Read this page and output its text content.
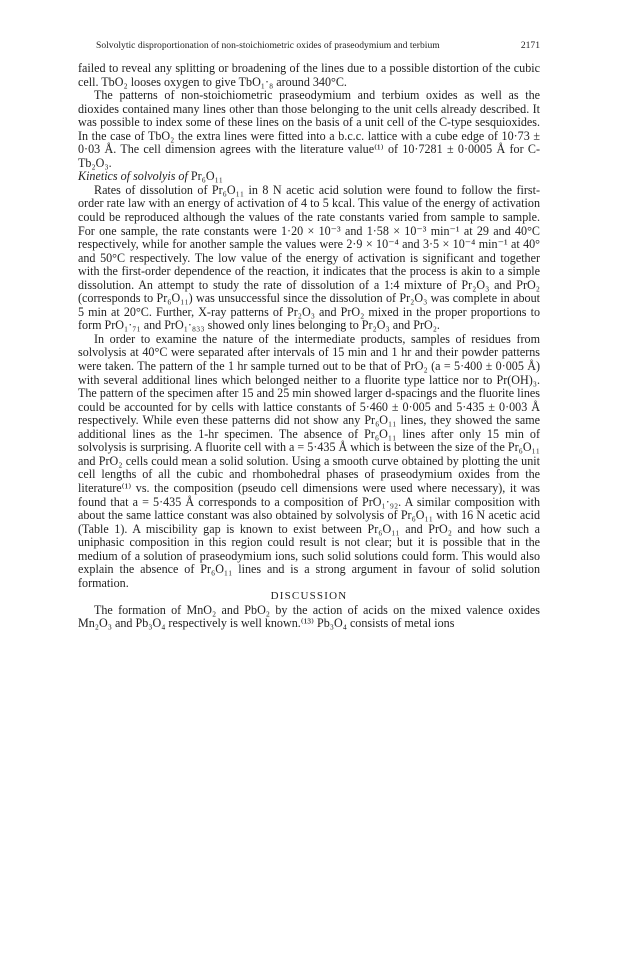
Solvolytic disproportionation of non-stoichiometric oxides of praseodymium and terbium	2171

failed to reveal any splitting or broadening of the lines due to a possible distortion of the cubic cell. TbO₂ looses oxygen to give TbO₁·₈ around 340°C.

The patterns of non-stoichiometric praseodymium and terbium oxides as well as the dioxides contained many lines other than those belonging to the unit cells already described. It was possible to index some of these lines on the basis of a unit cell of the C-type sesquioxides. In the case of TbO₂ the extra lines were fitted into a b.c.c. lattice with a cube edge of 10·73 ± 0·03 Å. The cell dimension agrees with the literature value⁽¹⁾ of 10·7281 ± 0·0005 Å for C-Tb₂O₃.

Kinetics of solvolyis of Pr₆O₁₁

Rates of dissolution of Pr₆O₁₁ in 8 N acetic acid solution were found to follow the first-order rate law with an energy of activation of 4 to 5 kcal. This value of the energy of activation could be reproduced although the values of the rate constants varied from sample to sample. For one sample, the rate constants were 1·20 × 10⁻³ and 1·58 × 10⁻³ min⁻¹ at 29 and 40°C respectively, while for another sample the values were 2·9 × 10⁻⁴ and 3·5 × 10⁻⁴ min⁻¹ at 40° and 50°C respectively. The low value of the energy of activation is significant and together with the first-order dependence of the reaction, it indicates that the process is akin to a simple dissolution. An attempt to study the rate of dissolution of a 1:4 mixture of Pr₂O₃ and PrO₂ (corresponds to Pr₆O₁₁) was unsuccessful since the dissolution of Pr₂O₃ was complete in about 5 min at 20°C. Further, X-ray patterns of Pr₂O₃ and PrO₂ mixed in the proper proportions to form PrO₁·₇₁ and PrO₁·₈₃₃ showed only lines belonging to Pr₂O₃ and PrO₂.

In order to examine the nature of the intermediate products, samples of residues from solvolysis at 40°C were separated after intervals of 15 min and 1 hr and their powder patterns were taken. The pattern of the 1 hr sample turned out to be that of PrO₂ (a = 5·400 ± 0·005 Å) with several additional lines which belonged neither to a fluorite type lattice nor to Pr(OH)₃. The pattern of the specimen after 15 and 25 min showed larger d-spacings and the fluorite lines could be accounted for by cells with lattice constants of 5·460 ± 0·005 and 5·435 ± 0·003 Å respectively. While even these patterns did not show any Pr₆O₁₁ lines, they showed the same additional lines as the 1-hr specimen. The absence of Pr₆O₁₁ lines after only 15 min of solvolysis is surprising. A fluorite cell with a = 5·435 Å which is between the size of the Pr₆O₁₁ and PrO₂ cells could mean a solid solution. Using a smooth curve obtained by plotting the unit cell lengths of all the cubic and rhombohedral phases of praseodymium oxides from the literature⁽¹⁾ vs. the composition (pseudo cell dimensions were used where necessary), it was found that a = 5·435 Å corresponds to a composition of PrO₁·₉₂. A similar composition with about the same lattice constant was also obtained by solvolysis of Pr₆O₁₁ with 16 N acetic acid (Table 1). A miscibility gap is known to exist between Pr₆O₁₁ and PrO₂ and how such a uniphasic composition in this region could result is not clear; but it is possible that in the medium of a solution of praseodymium ions, such solid solutions could form. This would also explain the absence of Pr₆O₁₁ lines and is a strong argument in favour of solid solution formation.

DISCUSSION

The formation of MnO₂ and PbO₂ by the action of acids on the mixed valence oxides Mn₂O₃ and Pb₃O₄ respectively is well known.⁽¹³⁾ Pb₃O₄ consists of metal ions
